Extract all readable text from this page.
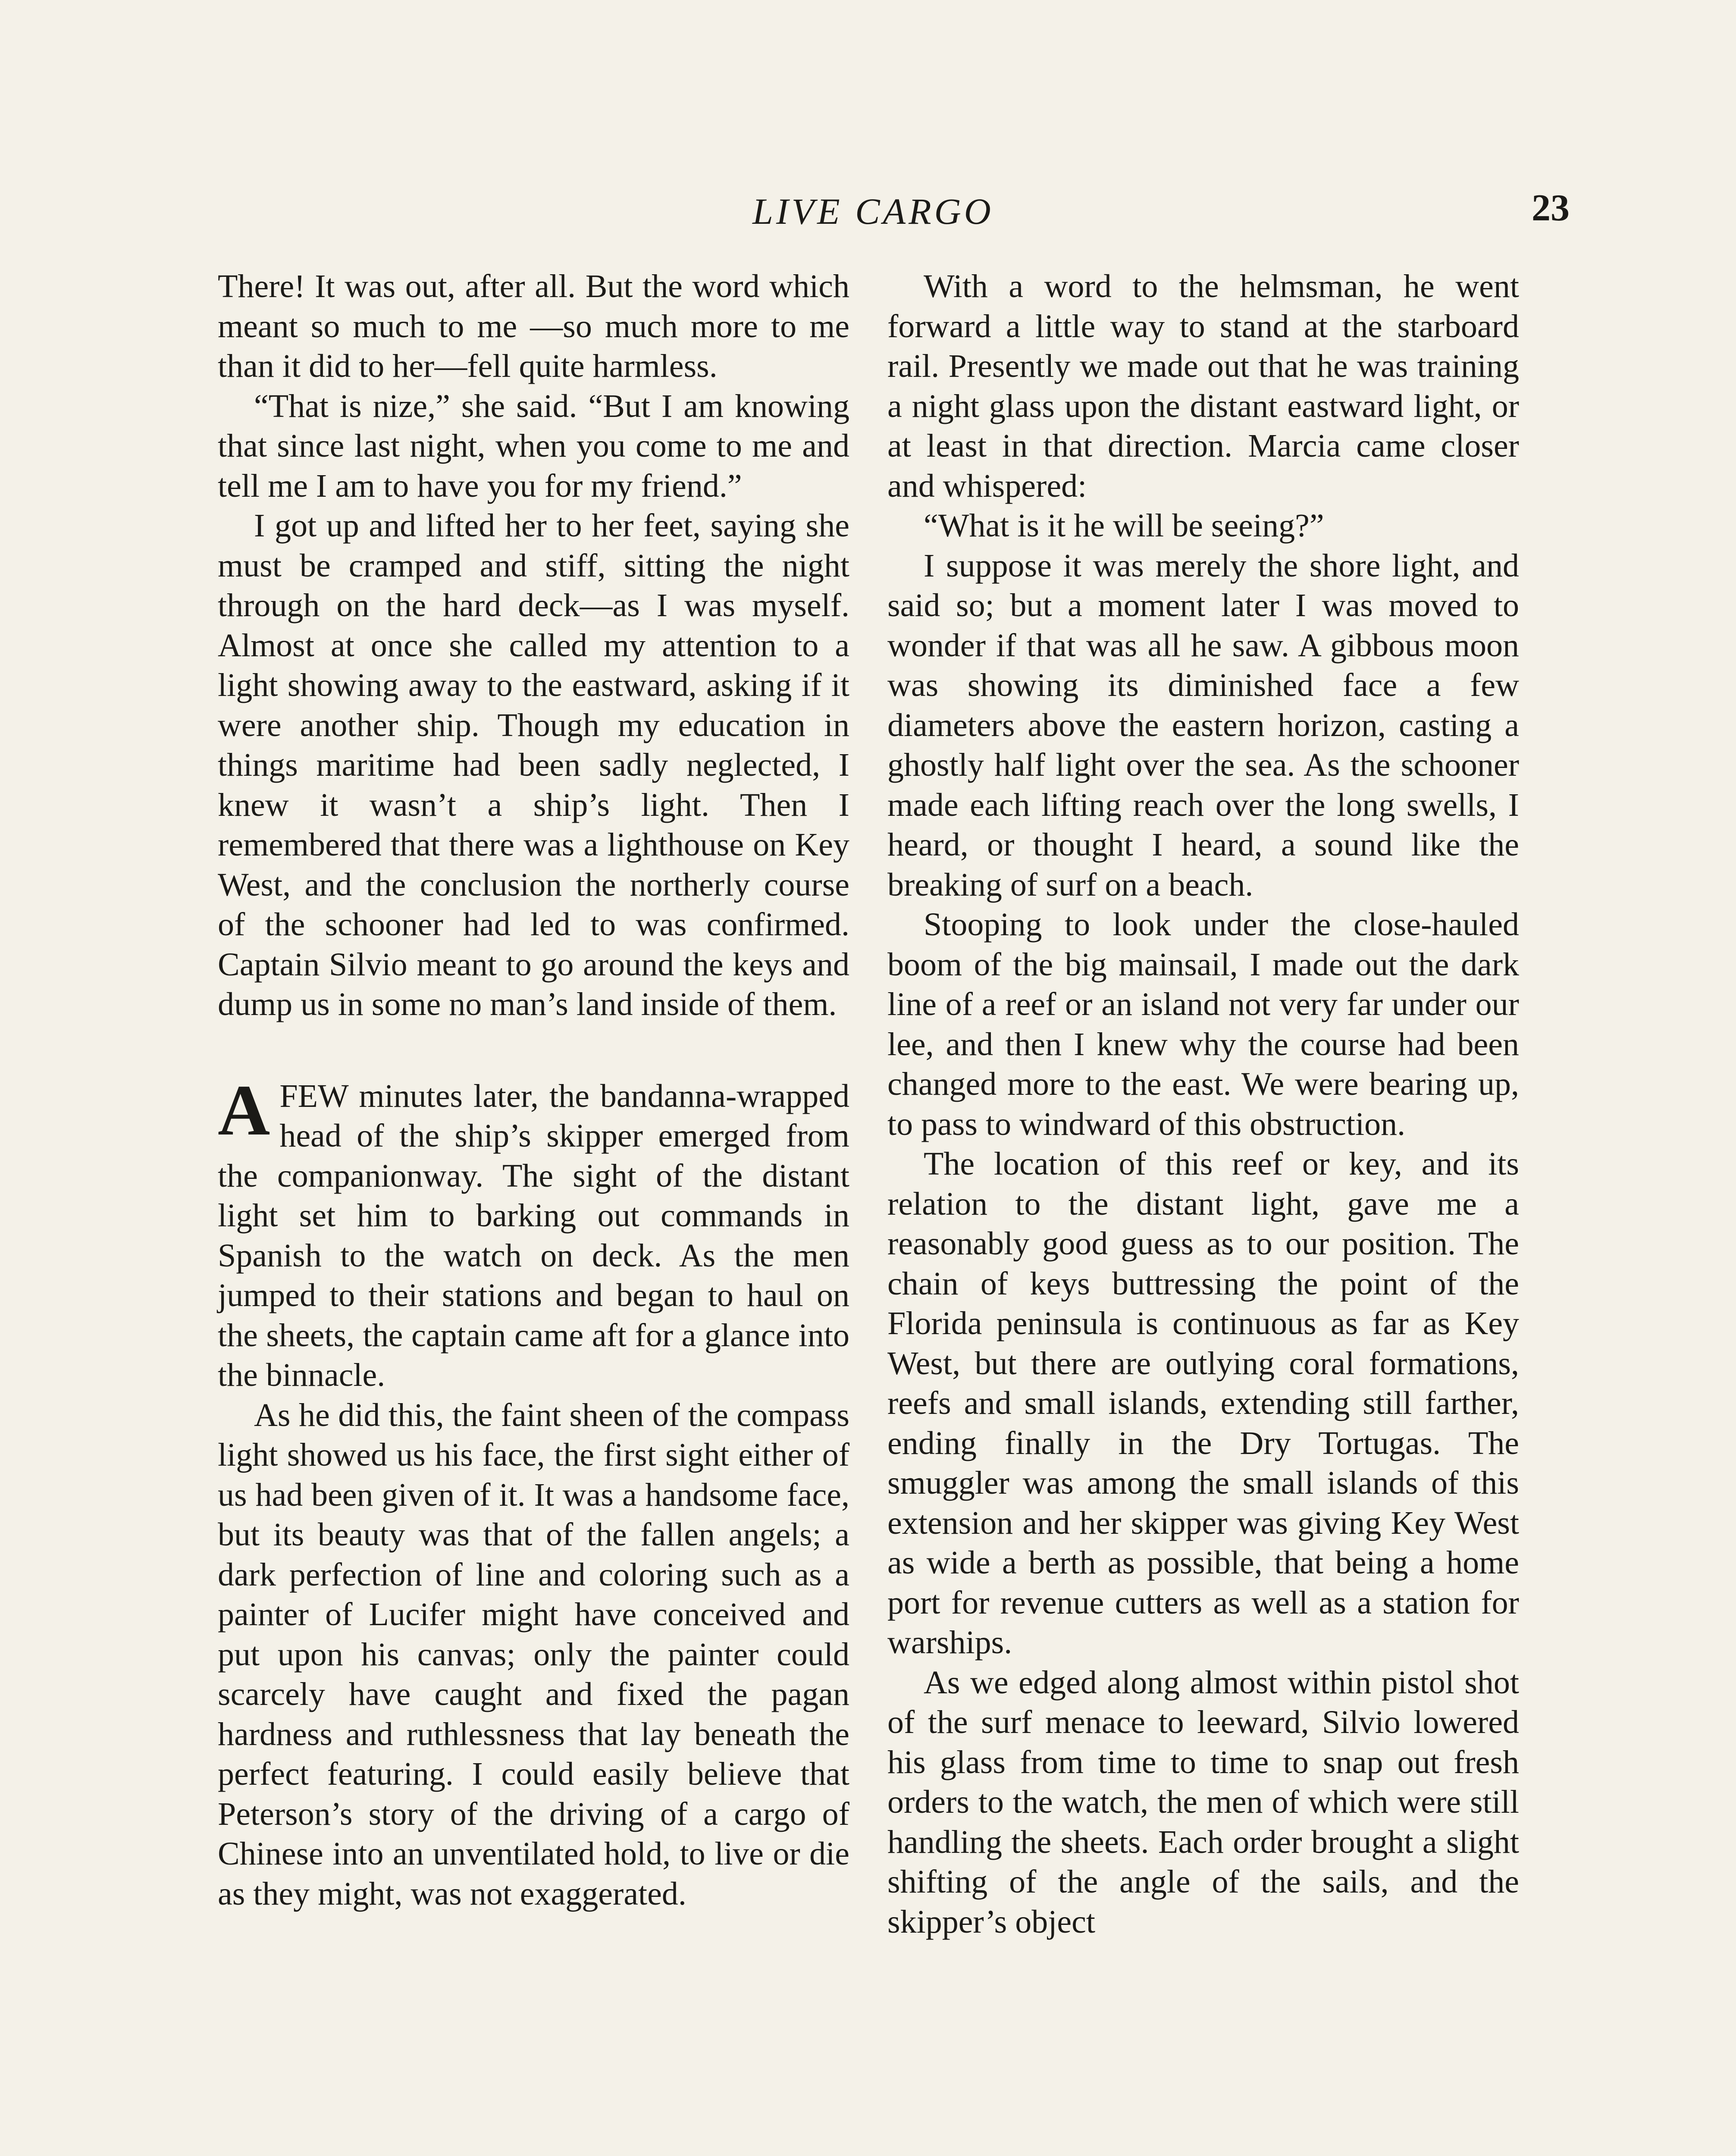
LIVE CARGO	23

There! It was out, after all. But the word which meant so much to me —so much more to me than it did to her—fell quite harmless.

“That is nize,” she said. “But I am knowing that since last night, when you come to me and tell me I am to have you for my friend.”

I got up and lifted her to her feet, saying she must be cramped and stiff, sitting the night through on the hard deck—as I was myself. Almost at once she called my attention to a light showing away to the eastward, asking if it were another ship. Though my education in things maritime had been sadly neglected, I knew it wasn’t a ship’s light. Then I remembered that there was a lighthouse on Key West, and the conclusion the northerly course of the schooner had led to was confirmed. Captain Silvio meant to go around the keys and dump us in some no man’s land inside of them.

AFEW minutes later, the bandanna-wrapped head of the ship’s skipper emerged from the companionway. The sight of the distant light set him to barking out commands in Spanish to the watch on deck. As the men jumped to their stations and began to haul on the sheets, the captain came aft for a glance into the binnacle.

As he did this, the faint sheen of the compass light showed us his face, the first sight either of us had been given of it. It was a handsome face, but its beauty was that of the fallen angels; a dark perfection of line and coloring such as a painter of Lucifer might have conceived and put upon his canvas; only the painter could scarcely have caught and fixed the pagan hardness and ruthlessness that lay beneath the perfect featuring. I could easily believe that Peterson’s story of the driving of a cargo of Chinese into an unventilated hold, to live or die as they might, was not exaggerated.

With a word to the helmsman, he went forward a little way to stand at the starboard rail. Presently we made out that he was training a night glass upon the distant eastward light, or at least in that direction. Marcia came closer and whispered:

“What is it he will be seeing?”

I suppose it was merely the shore light, and said so; but a moment later I was moved to wonder if that was all he saw. A gibbous moon was showing its diminished face a few diameters above the eastern horizon, casting a ghostly half light over the sea. As the schooner made each lifting reach over the long swells, I heard, or thought I heard, a sound like the breaking of surf on a beach.

Stooping to look under the close-hauled boom of the big mainsail, I made out the dark line of a reef or an island not very far under our lee, and then I knew why the course had been changed more to the east. We were bearing up, to pass to windward of this obstruction.

The location of this reef or key, and its relation to the distant light, gave me a reasonably good guess as to our position. The chain of keys buttressing the point of the Florida peninsula is continuous as far as Key West, but there are outlying coral formations, reefs and small islands, extending still farther, ending finally in the Dry Tortugas. The smuggler was among the small islands of this extension and her skipper was giving Key West as wide a berth as possible, that being a home port for revenue cutters as well as a station for warships.

As we edged along almost within pistol shot of the surf menace to leeward, Silvio lowered his glass from time to time to snap out fresh orders to the watch, the men of which were still handling the sheets. Each order brought a slight shifting of the angle of the sails, and the skipper’s object
